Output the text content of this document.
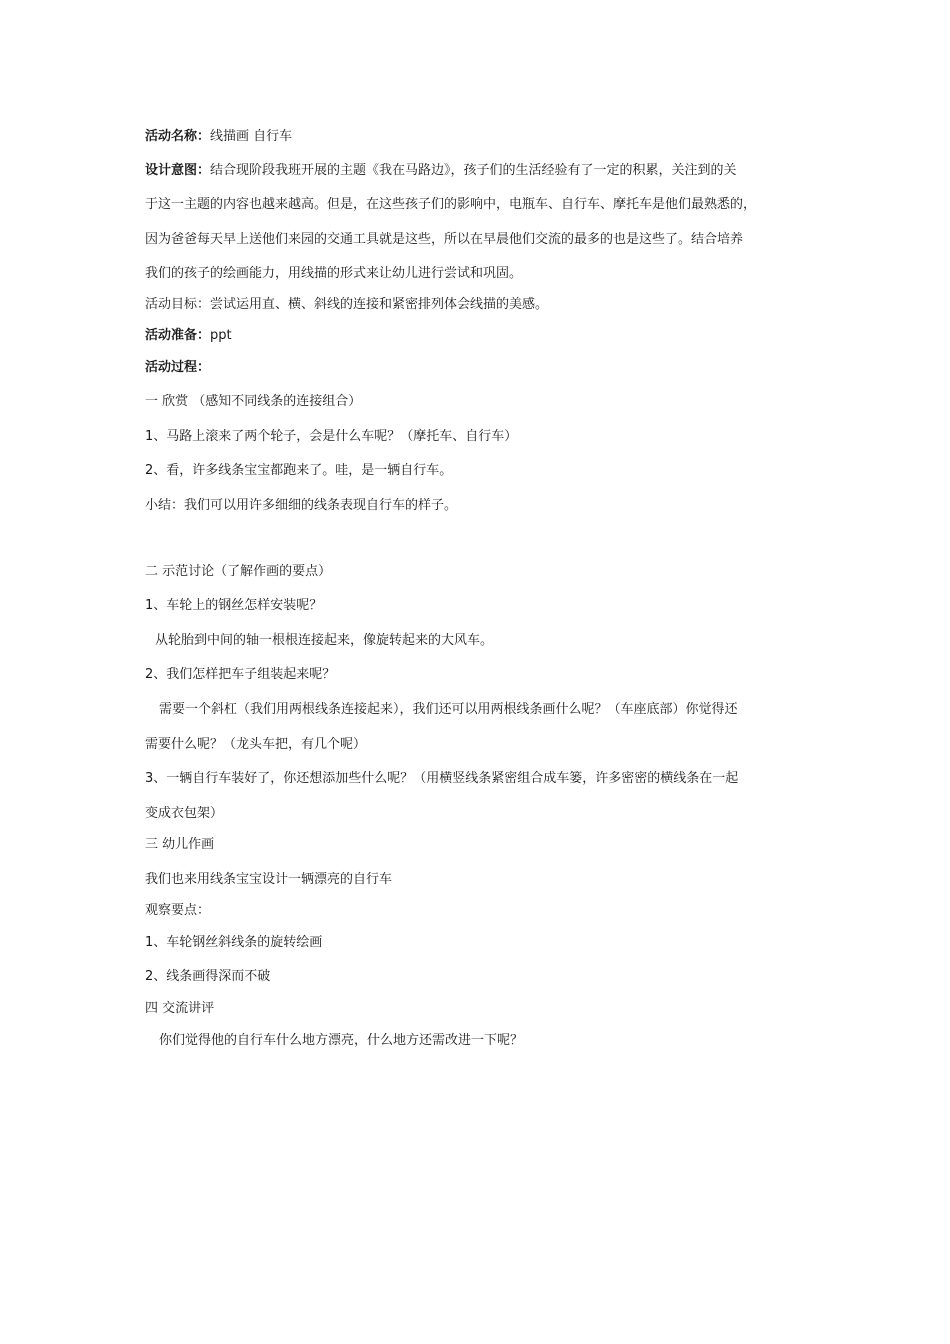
活动名称：线描画 自行车
设计意图：结合现阶段我班开展的主题《我在马路边》，孩子们的生活经验有了一定的积累，关注到的关
于这一主题的内容也越来越高。但是，在这些孩子们的影响中，电瓶车、自行车、摩托车是他们最熟悉的，
因为爸爸每天早上送他们来园的交通工具就是这些，所以在早晨他们交流的最多的也是这些了。结合培养
我们的孩子的绘画能力，用线描的形式来让幼儿进行尝试和巩固。
活动目标：尝试运用直、横、斜线的连接和紧密排列体会线描的美感。
活动准备：ppt
活动过程：
一 欣赏 （感知不同线条的连接组合）
1、马路上滚来了两个轮子，会是什么车呢？（摩托车、自行车）
2、看，许多线条宝宝都跑来了。哇，是一辆自行车。
小结：我们可以用许多细细的线条表现自行车的样子。
二 示范讨论（了解作画的要点）
1、车轮上的钢丝怎样安装呢？
从轮胎到中间的轴一根根连接起来，像旋转起来的大风车。
2、我们怎样把车子组装起来呢？
需要一个斜杠（我们用两根线条连接起来），我们还可以用两根线条画什么呢？（车座底部）你觉得还
需要什么呢？（龙头车把，有几个呢）
3、一辆自行车装好了，你还想添加些什么呢？（用横竖线条紧密组合成车篓，许多密密的横线条在一起
变成衣包架）
三 幼儿作画
我们也来用线条宝宝设计一辆漂亮的自行车
观察要点：
1、车轮钢丝斜线条的旋转绘画
2、线条画得深而不破
四 交流讲评
你们觉得他的自行车什么地方漂亮，什么地方还需改进一下呢？
